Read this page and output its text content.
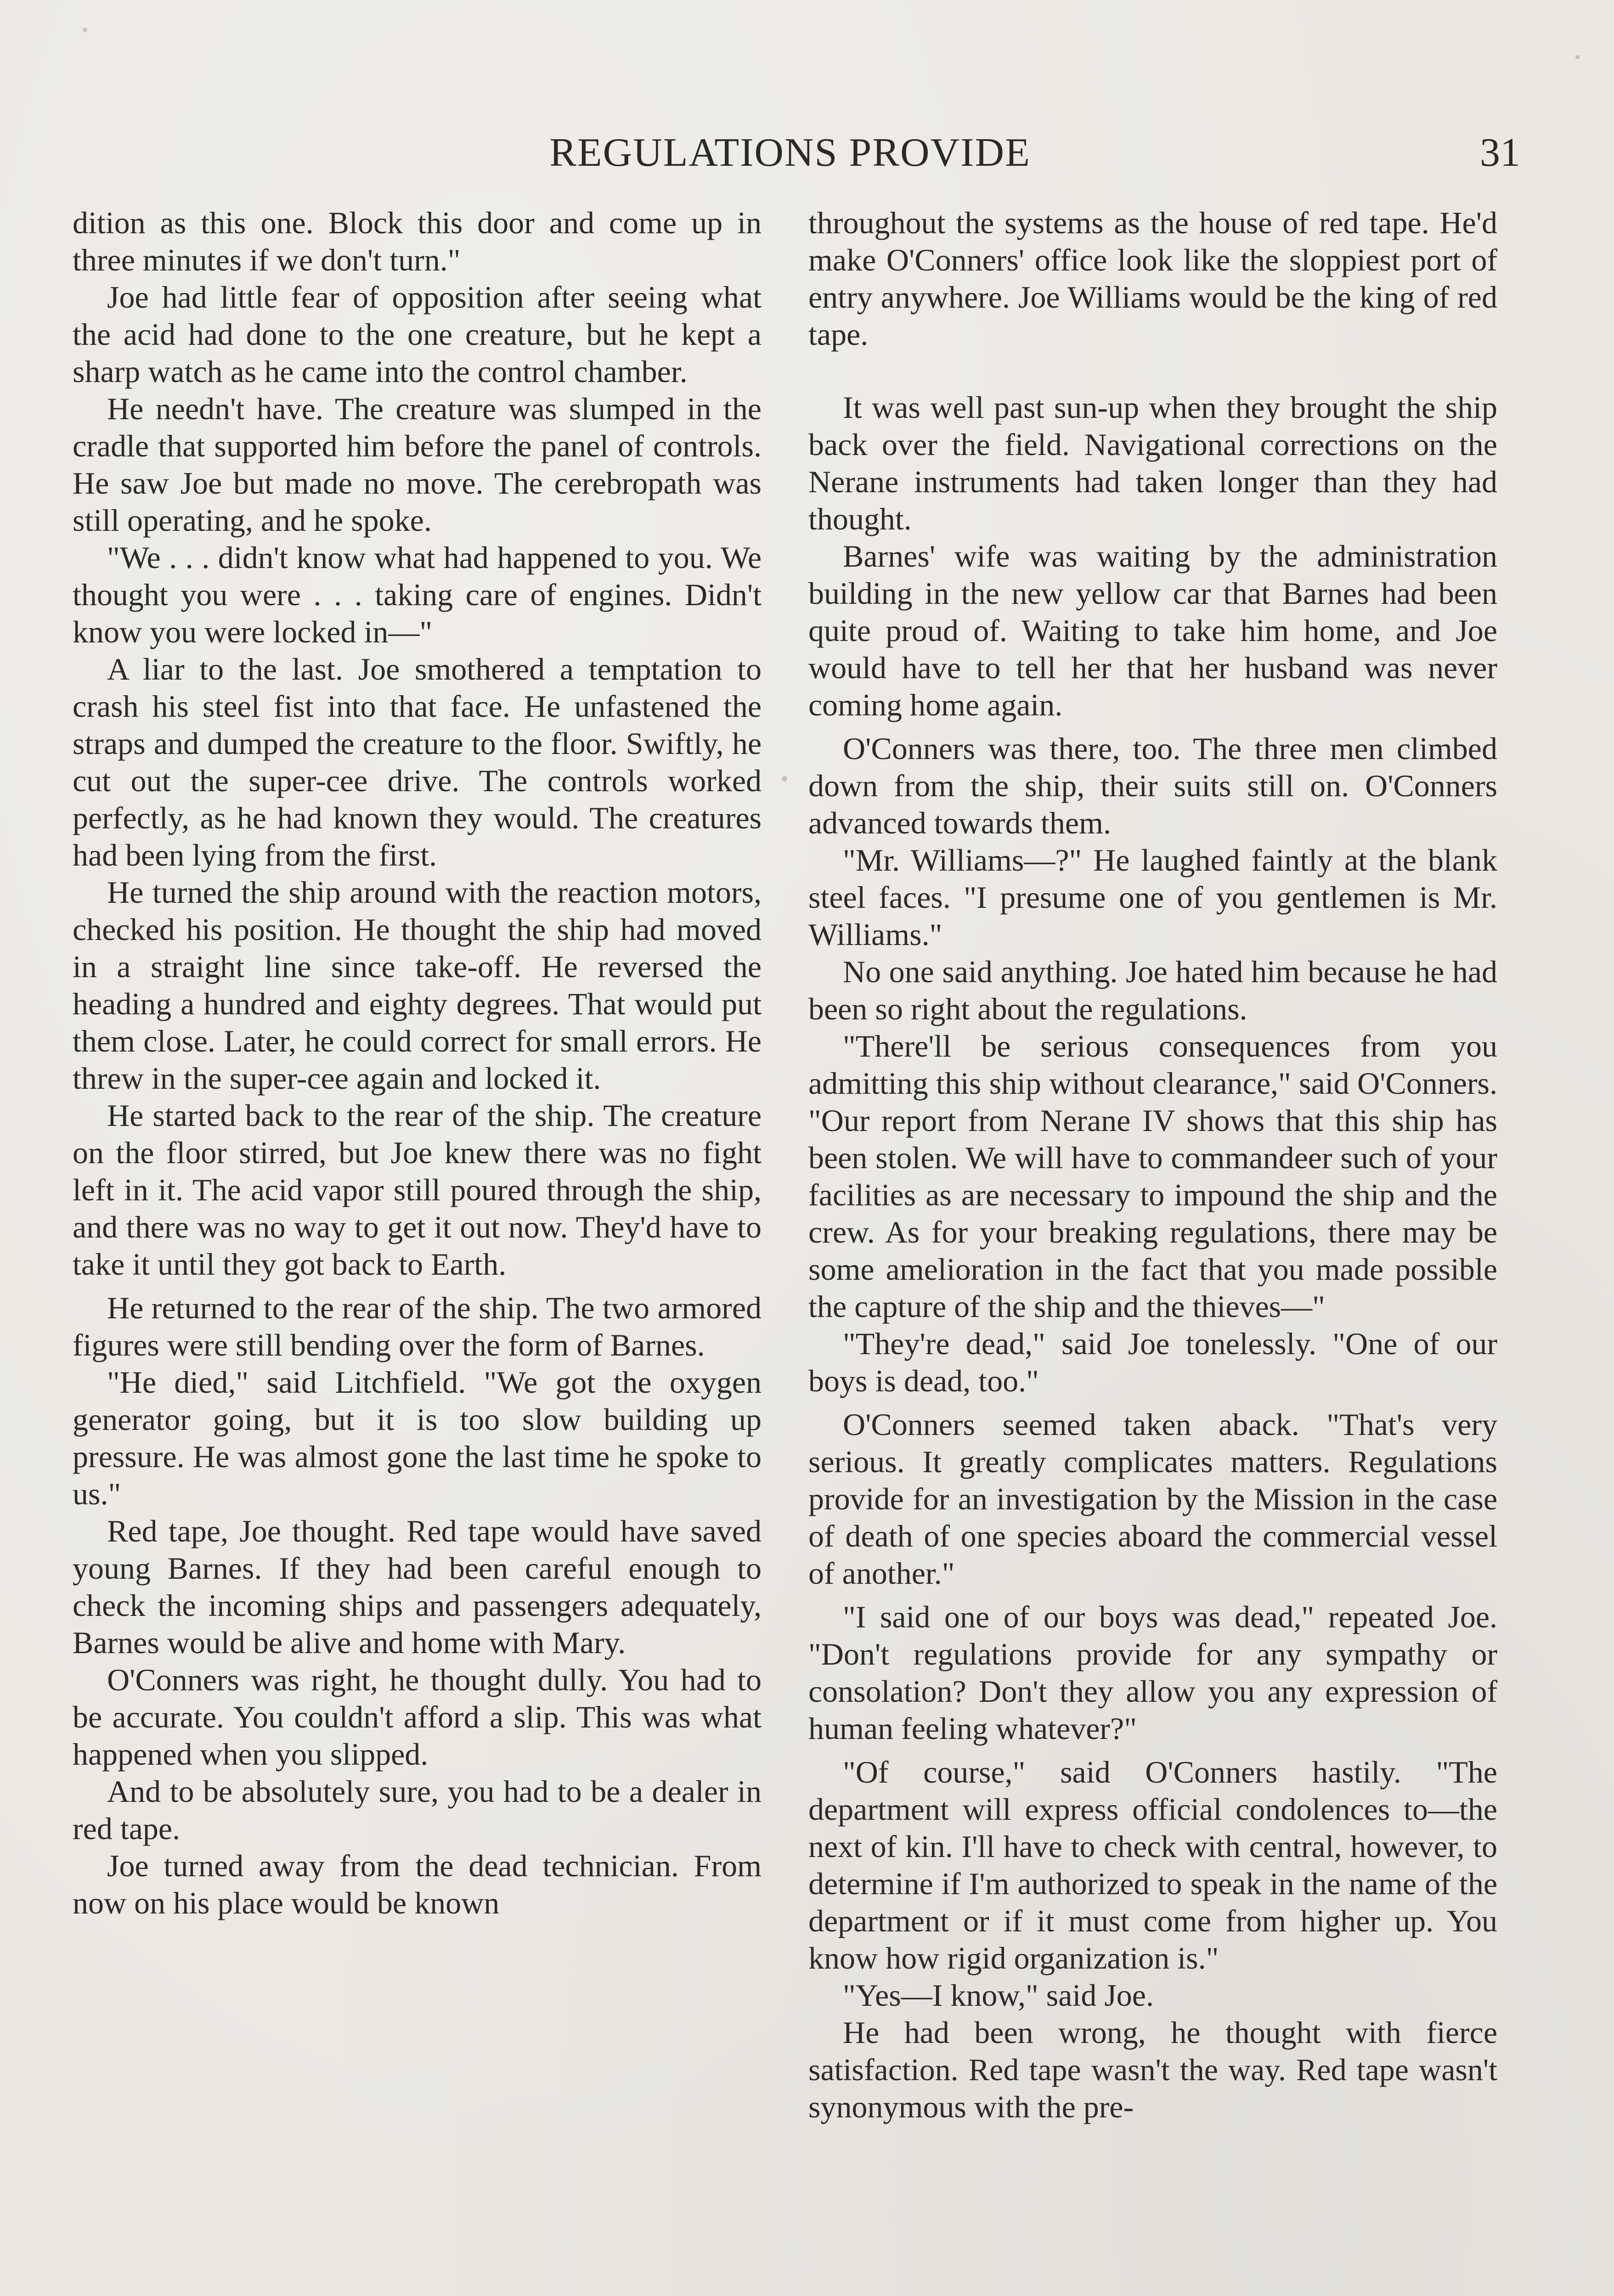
REGULATIONS PROVIDE	31

dition as this one. Block this door and come up in three minutes if we don't turn."

Joe had little fear of opposition after seeing what the acid had done to the one creature, but he kept a sharp watch as he came into the control chamber.

He needn't have. The creature was slumped in the cradle that supported him before the panel of controls. He saw Joe but made no move. The cerebropath was still operating, and he spoke.

"We . . . didn't know what had happened to you. We thought you were . . . taking care of engines. Didn't know you were locked in—"

A liar to the last. Joe smothered a temptation to crash his steel fist into that face. He unfastened the straps and dumped the creature to the floor. Swiftly, he cut out the super-cee drive. The controls worked perfectly, as he had known they would. The creatures had been lying from the first.

He turned the ship around with the reaction motors, checked his position. He thought the ship had moved in a straight line since take-off. He reversed the heading a hundred and eighty degrees. That would put them close. Later, he could correct for small errors. He threw in the super-cee again and locked it.

He started back to the rear of the ship. The creature on the floor stirred, but Joe knew there was no fight left in it. The acid vapor still poured through the ship, and there was no way to get it out now. They'd have to take it until they got back to Earth.

He returned to the rear of the ship. The two armored figures were still bending over the form of Barnes.

"He died," said Litchfield. "We got the oxygen generator going, but it is too slow building up pressure. He was almost gone the last time he spoke to us."

Red tape, Joe thought. Red tape would have saved young Barnes. If they had been careful enough to check the incoming ships and passengers adequately, Barnes would be alive and home with Mary.

O'Conners was right, he thought dully. You had to be accurate. You couldn't afford a slip. This was what happened when you slipped.

And to be absolutely sure, you had to be a dealer in red tape.

Joe turned away from the dead technician. From now on his place would be known

throughout the systems as the house of red tape. He'd make O'Conners' office look like the sloppiest port of entry anywhere. Joe Williams would be the king of red tape.

It was well past sun-up when they brought the ship back over the field. Navigational corrections on the Nerane instruments had taken longer than they had thought.

Barnes' wife was waiting by the administration building in the new yellow car that Barnes had been quite proud of. Waiting to take him home, and Joe would have to tell her that her husband was never coming home again.

O'Conners was there, too. The three men climbed down from the ship, their suits still on. O'Conners advanced towards them.

"Mr. Williams—?" He laughed faintly at the blank steel faces. "I presume one of you gentlemen is Mr. Williams."

No one said anything. Joe hated him because he had been so right about the regulations.

"There'll be serious consequences from you admitting this ship without clearance," said O'Conners. "Our report from Nerane IV shows that this ship has been stolen. We will have to commandeer such of your facilities as are necessary to impound the ship and the crew. As for your breaking regulations, there may be some amelioration in the fact that you made possible the capture of the ship and the thieves—"

"They're dead," said Joe tonelessly. "One of our boys is dead, too."

O'Conners seemed taken aback. "That's very serious. It greatly complicates matters. Regulations provide for an investigation by the Mission in the case of death of one species aboard the commercial vessel of another."

"I said one of our boys was dead," repeated Joe. "Don't regulations provide for any sympathy or consolation? Don't they allow you any expression of human feeling whatever?"

"Of course," said O'Conners hastily. "The department will express official condolences to—the next of kin. I'll have to check with central, however, to determine if I'm authorized to speak in the name of the department or if it must come from higher up. You know how rigid organization is."

"Yes—I know," said Joe.

He had been wrong, he thought with fierce satisfaction. Red tape wasn't the way. Red tape wasn't synonymous with the pre-
